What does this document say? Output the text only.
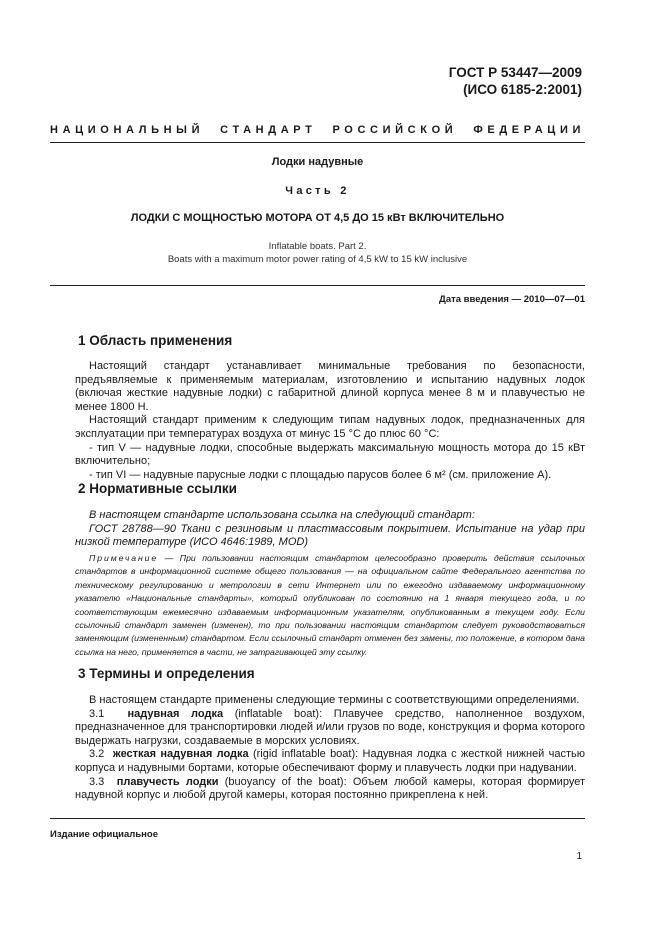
ГОСТ Р 53447—2009
(ИСО 6185-2:2001)
НАЦИОНАЛЬНЫЙ СТАНДАРТ РОССИЙСКОЙ ФЕДЕРАЦИИ
Лодки надувные
Часть 2
ЛОДКИ С МОЩНОСТЬЮ МОТОРА ОТ 4,5 ДО 15 кВт ВКЛЮЧИТЕЛЬНО
Inflatable boats. Part 2.
Boats with a maximum motor power rating of 4,5 kW to 15 kW inclusive
Дата введения — 2010—07—01
1 Область применения

Настоящий стандарт устанавливает минимальные требования по безопасности, предъявляемые к применяемым материалам, изготовлению и испытанию надувных лодок (включая жесткие надувные лодки) с габаритной длиной корпуса менее 8 м и плавучестью не менее 1800 Н.

Настоящий стандарт применим к следующим типам надувных лодок, предназначенных для эксплуатации при температурах воздуха от минус 15 °С до плюс 60 °С:

- тип V — надувные лодки, способные выдержать максимальную мощность мотора до 15 кВт включительно;

- тип VI — надувные парусные лодки с площадью парусов более 6 м² (см. приложение А).

2 Нормативные ссылки

В настоящем стандарте использована ссылка на следующий стандарт:

ГОСТ 28788—90 Ткани с резиновым и пластмассовым покрытием. Испытание на удар при низкой температуре (ИСО 4646:1989, MOD)

Примечание — При пользовании настоящим стандартом целесообразно проверить действия ссылочных стандартов в информационной системе общего пользования — на официальном сайте Федерального агентства по техническому регулированию и метрологии в сети Интернет или по ежегодно издаваемому информационному указателю «Национальные стандарты», который опубликован по состоянию на 1 января текущего года, и по соответствующим ежемесячно издаваемым информационным указателям, опубликованным в текущем году. Если ссылочный стандарт заменен (изменен), то при пользовании настоящим стандартом следует руководствоваться заменяющим (измененным) стандартом. Если ссылочный стандарт отменен без замены, то положение, в котором дана ссылка на него, применяется в части, не затрагивающей эту ссылку.

3 Термины и определения

В настоящем стандарте применены следующие термины с соответствующими определениями.

3.1 надувная лодка (inflatable boat): Плавучее средство, наполненное воздухом, предназначенное для транспортировки людей и/или грузов по воде, конструкция и форма которого выдержать нагрузки, создаваемые в морских условиях.

3.2 жесткая надувная лодка (rigid inflatable boat): Надувная лодка с жесткой нижней частью корпуса и надувными бортами, которые обеспечивают форму и плавучесть лодки при надувании.

3.3 плавучесть лодки (buoyancy of the boat): Объем любой камеры, которая формирует надувной корпус и любой другой камеры, которая постоянно прикреплена к ней.

Издание официальное
1
